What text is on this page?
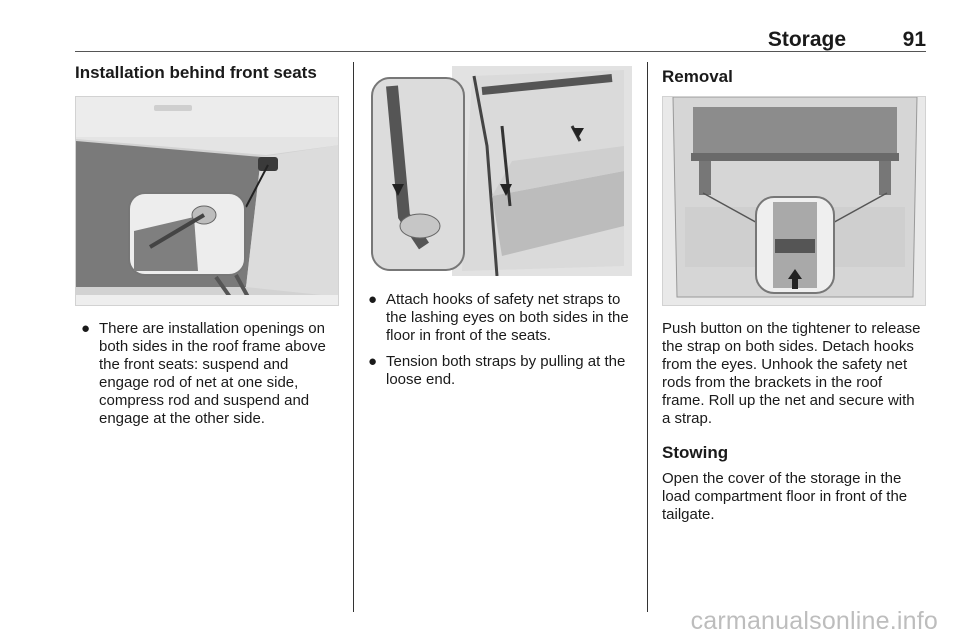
Storage	91
Installation behind front seats
● There are installation openings on both sides in the roof frame above the front seats: suspend and engage rod of net at one side, compress rod and suspend and engage at the other side.
● Attach hooks of safety net straps to the lashing eyes on both sides in the floor in front of the seats.
● Tension both straps by pulling at the loose end.
Removal

Push button on the tightener to release the strap on both sides. Detach hooks from the eyes. Unhook the safety net rods from the brackets in the roof frame. Roll up the net and secure with a strap.

Stowing

Open the cover of the storage in the load compartment floor in front of the tailgate.

carmanualsonline.info
